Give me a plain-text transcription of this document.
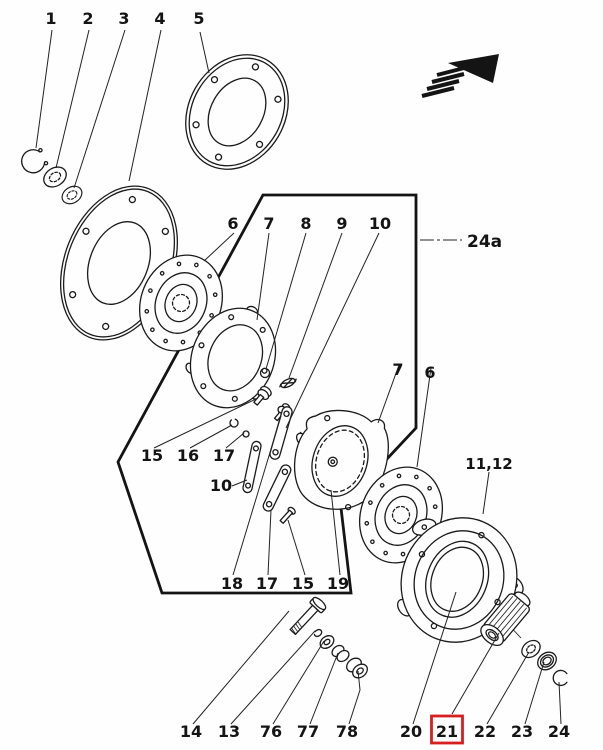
1 2 3 4 5
6 7 8 9 10
24a
15 16 17
10
18 17 15 19
7 6
11,12
14 13 76 77 78	20 21 22 23 24
